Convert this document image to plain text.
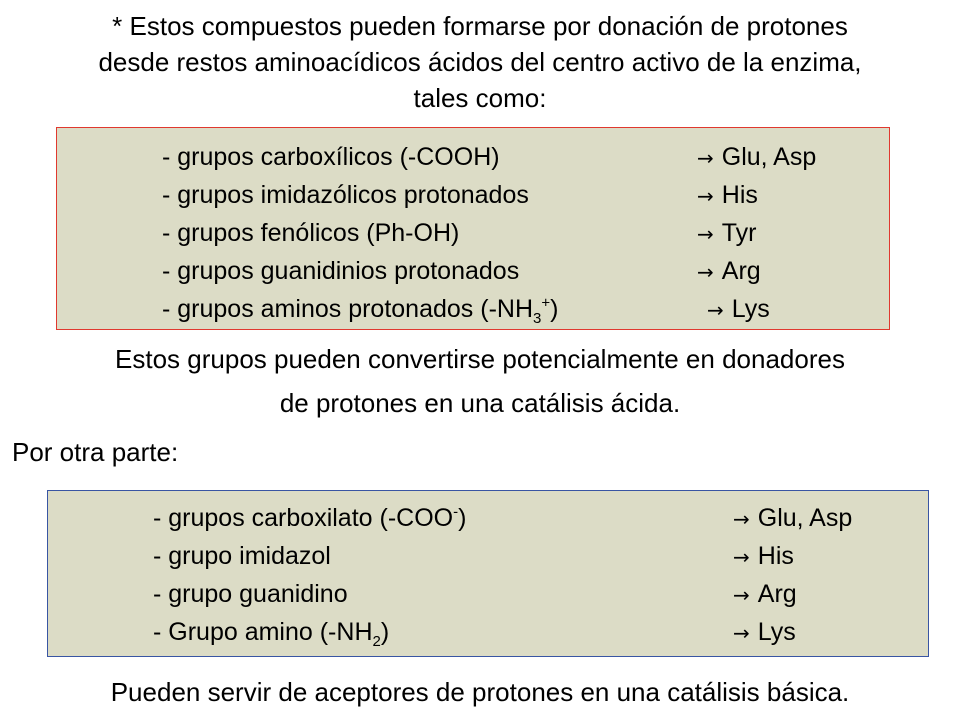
* Estos compuestos pueden formarse por donación de protones
desde restos aminoacídicos ácidos del centro activo de la enzima,
tales como:
- grupos carboxílicos (-COOH)	→ Glu, Asp
- grupos imidazólicos protonados	→ His
- grupos fenólicos (Ph-OH)	→ Tyr
- grupos guanidinios protonados	→ Arg
- grupos aminos protonados $(-NH_3^+)$	→ Lys
Estos grupos pueden convertirse potencialmente en donadores
de protones en una catálisis ácida.
Por otra parte:
- grupos carboxilato (-COO-)	→ Glu, Asp
- grupo imidazol	→ His
- grupo guanidino	→ Arg
- Grupo amino $(-NH_2)$	→ Lys
Pueden servir de aceptores de protones en una catálisis básica.
